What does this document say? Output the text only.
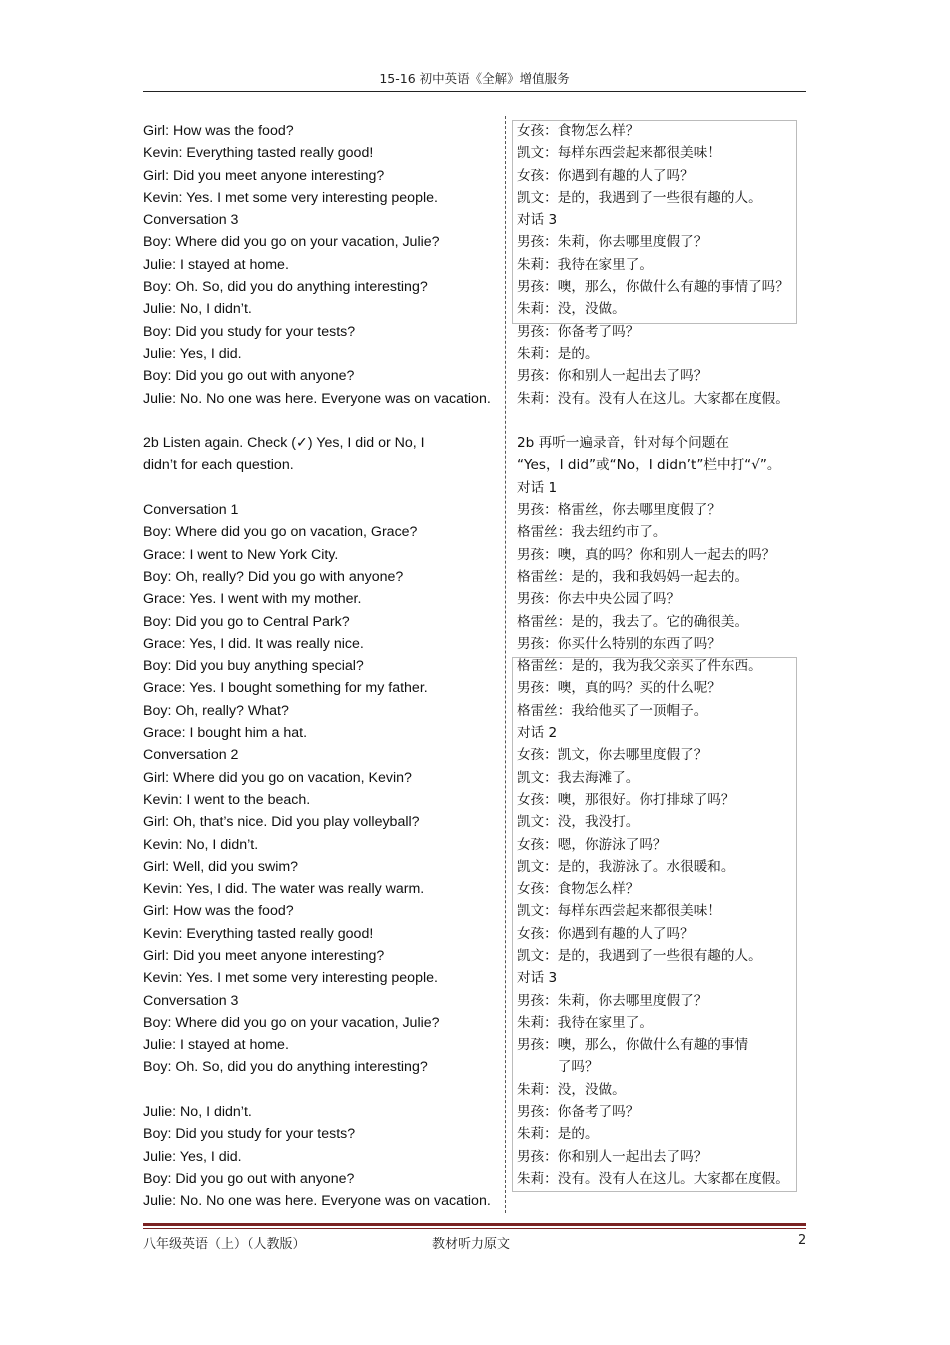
15-16 初中英语《全解》增值服务
Girl: How was the food?
Kevin: Everything tasted really good!
Girl: Did you meet anyone interesting?
Kevin: Yes. I met some very interesting people.
Conversation 3
Boy: Where did you go on your vacation, Julie?
Julie: I stayed at home.
Boy: Oh. So, did you do anything interesting?
Julie: No, I didn’t.
Boy: Did you study for your tests?
Julie: Yes, I did.
Boy: Did you go out with anyone?
Julie: No. No one was here. Everyone was on vacation.
2b Listen again. Check (✓) Yes, I did or No, I
didn’t for each question.
Conversation 1
Boy: Where did you go on vacation, Grace?
Grace: I went to New York City.
Boy: Oh, really? Did you go with anyone?
Grace: Yes. I went with my mother.
Boy: Did you go to Central Park?
Grace: Yes, I did. It was really nice.
Boy: Did you buy anything special?
Grace: Yes. I bought something for my father.
Boy: Oh, really? What?
Grace: I bought him a hat.
Conversation 2
Girl: Where did you go on vacation, Kevin?
Kevin: I went to the beach.
Girl: Oh, that’s nice. Did you play volleyball?
Kevin: No, I didn’t.
Girl: Well, did you swim?
Kevin: Yes, I did. The water was really warm.
Girl: How was the food?
Kevin: Everything tasted really good!
Girl: Did you meet anyone interesting?
Kevin: Yes. I met some very interesting people.
Conversation 3
Boy: Where did you go on your vacation, Julie?
Julie: I stayed at home.
Boy: Oh. So, did you do anything interesting?
Julie: No, I didn’t.
Boy: Did you study for your tests?
Julie: Yes, I did.
Boy: Did you go out with anyone?
Julie: No. No one was here. Everyone was on vacation.
女孩：食物怎么样？
凯文：每样东西尝起来都很美味！
女孩：你遇到有趣的人了吗？
凯文：是的，我遇到了一些很有趣的人。
对话 3
男孩：朱莉，你去哪里度假了？
朱莉：我待在家里了。
男孩：噢，那么，你做什么有趣的事情了吗？
朱莉：没，没做。
男孩：你备考了吗？
朱莉：是的。
男孩：你和别人一起出去了吗？
朱莉：没有。没有人在这儿。大家都在度假。
2b 再听一遍录音，针对每个问题在
“Yes，I did”或“No，I didn’t”栏中打“√”。
对话 1
男孩：格雷丝，你去哪里度假了？
格雷丝：我去纽约市了。
男孩：噢，真的吗？你和别人一起去的吗？
格雷丝：是的，我和我妈妈一起去的。
男孩：你去中央公园了吗？
格雷丝：是的，我去了。它的确很美。
男孩：你买什么特别的东西了吗？
格雷丝：是的，我为我父亲买了件东西。
男孩：噢，真的吗？买的什么呢？
格雷丝：我给他买了一顶帽子。
对话 2
女孩：凯文，你去哪里度假了？
凯文：我去海滩了。
女孩：噢，那很好。你打排球了吗？
凯文：没，我没打。
女孩：嗯，你游泳了吗？
凯文：是的，我游泳了。水很暖和。
女孩：食物怎么样？
凯文：每样东西尝起来都很美味！
女孩：你遇到有趣的人了吗？
凯文：是的，我遇到了一些很有趣的人。
对话 3
男孩：朱莉，你去哪里度假了？
朱莉：我待在家里了。
男孩：噢，那么，你做什么有趣的事情
　　　了吗？
朱莉：没，没做。
男孩：你备考了吗？
朱莉：是的。
男孩：你和别人一起出去了吗？
朱莉：没有。没有人在这儿。大家都在度假。
八年级英语（上）（人教版）	教材听力原文	2
